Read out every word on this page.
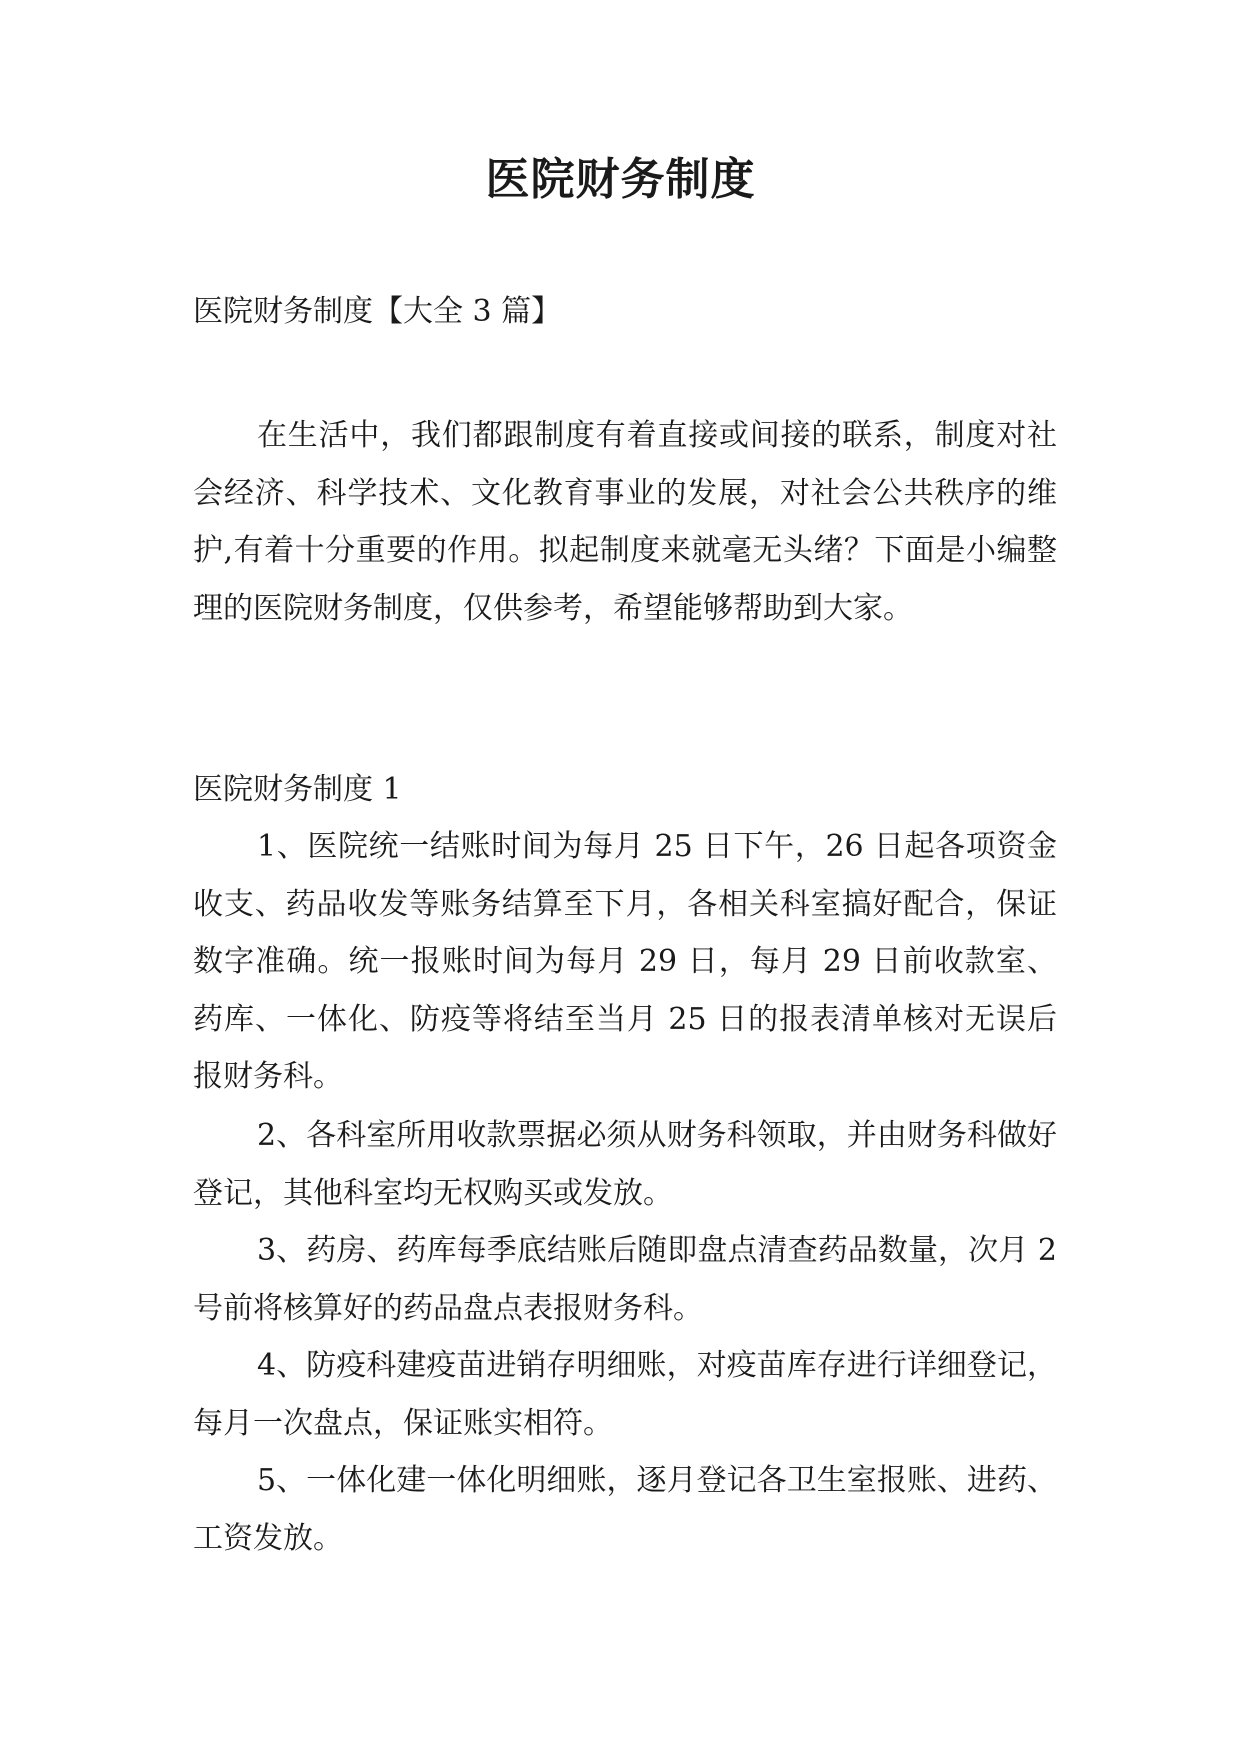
医院财务制度
医院财务制度【大全 3 篇】

在生活中，我们都跟制度有着直接或间接的联系，制度对社会经济、科学技术、文化教育事业的发展，对社会公共秩序的维护,有着十分重要的作用。拟起制度来就毫无头绪？下面是小编整理的医院财务制度，仅供参考，希望能够帮助到大家。

医院财务制度 1

1、医院统一结账时间为每月 25 日下午，26 日起各项资金收支、药品收发等账务结算至下月，各相关科室搞好配合，保证数字准确。统一报账时间为每月 29 日，每月 29 日前收款室、药库、一体化、防疫等将结至当月 25 日的报表清单核对无误后报财务科。

2、各科室所用收款票据必须从财务科领取，并由财务科做好登记，其他科室均无权购买或发放。

3、药房、药库每季底结账后随即盘点清查药品数量，次月 2 号前将核算好的药品盘点表报财务科。

4、防疫科建疫苗进销存明细账，对疫苗库存进行详细登记，每月一次盘点，保证账实相符。

5、一体化建一体化明细账，逐月登记各卫生室报账、进药、工资发放。
